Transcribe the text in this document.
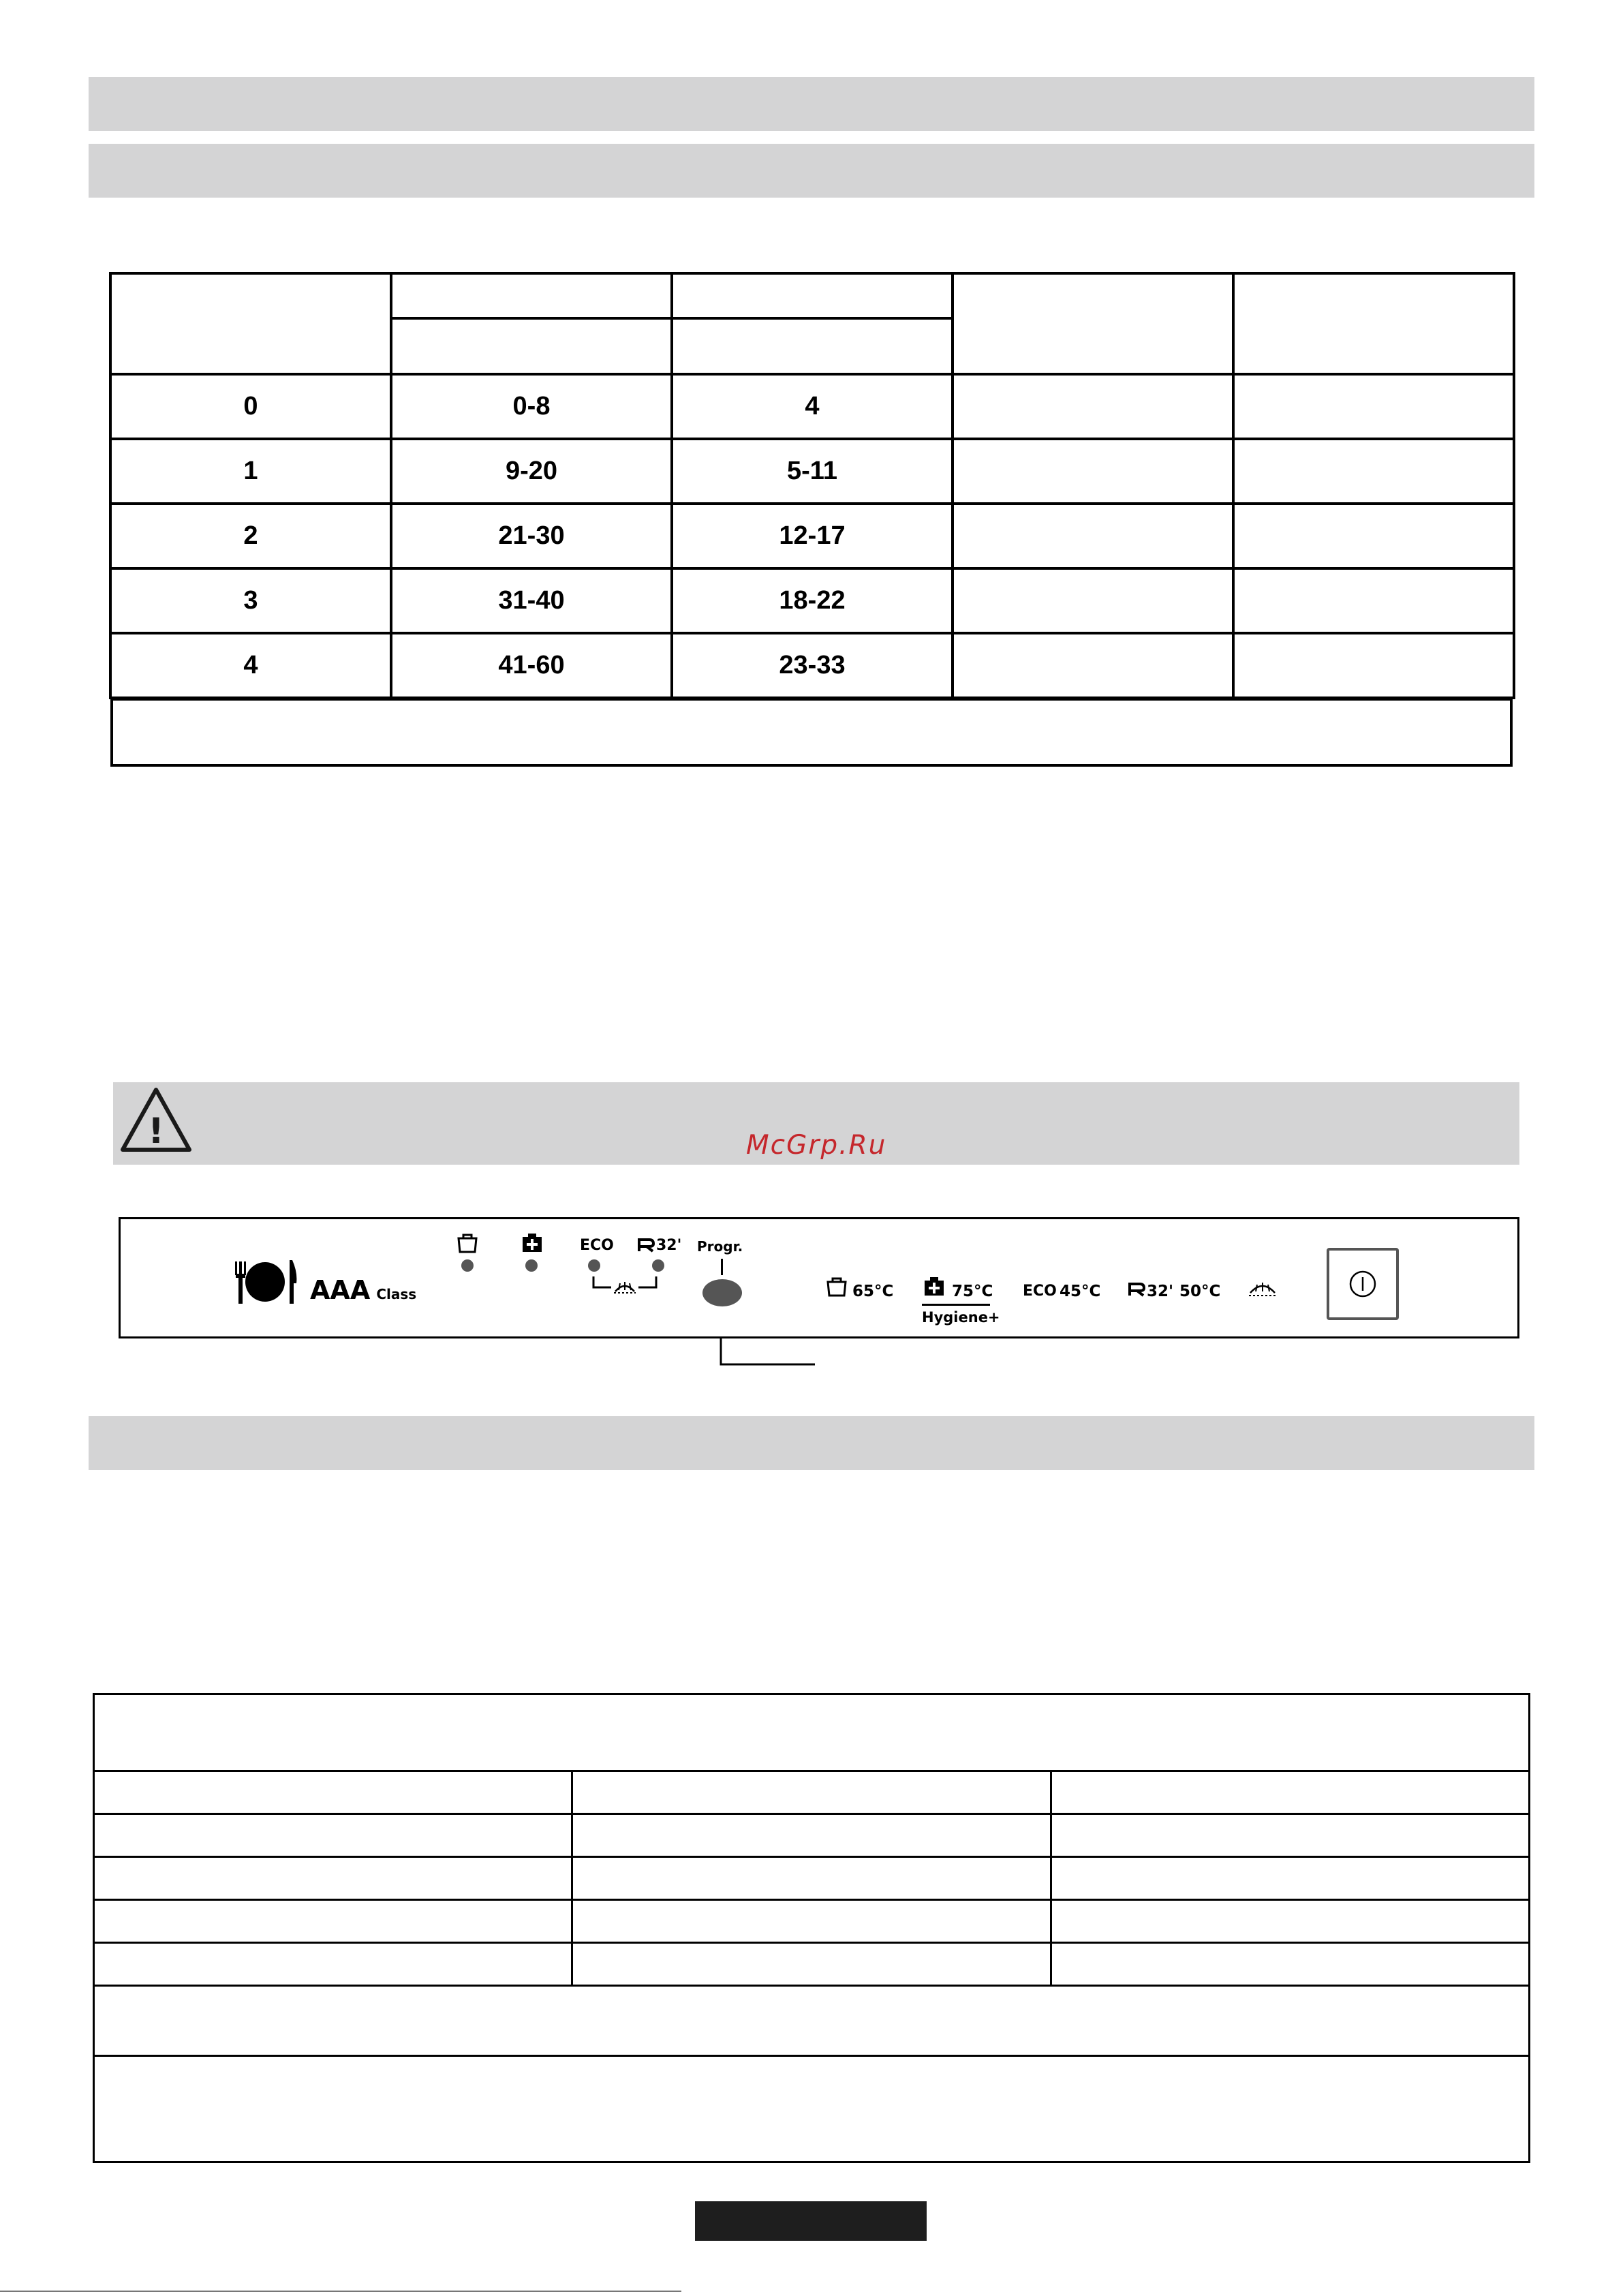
0	0-8	4		
1	9-20	5-11		
2	21-30	12-17		
3	31-40	18-22		
4	41-60	23-33		
!	McGrp.Ru
AAA Class
ECO	32' Progr.
65°C	75°C
Hygiene+
ECO 45°C	32' 50°C
